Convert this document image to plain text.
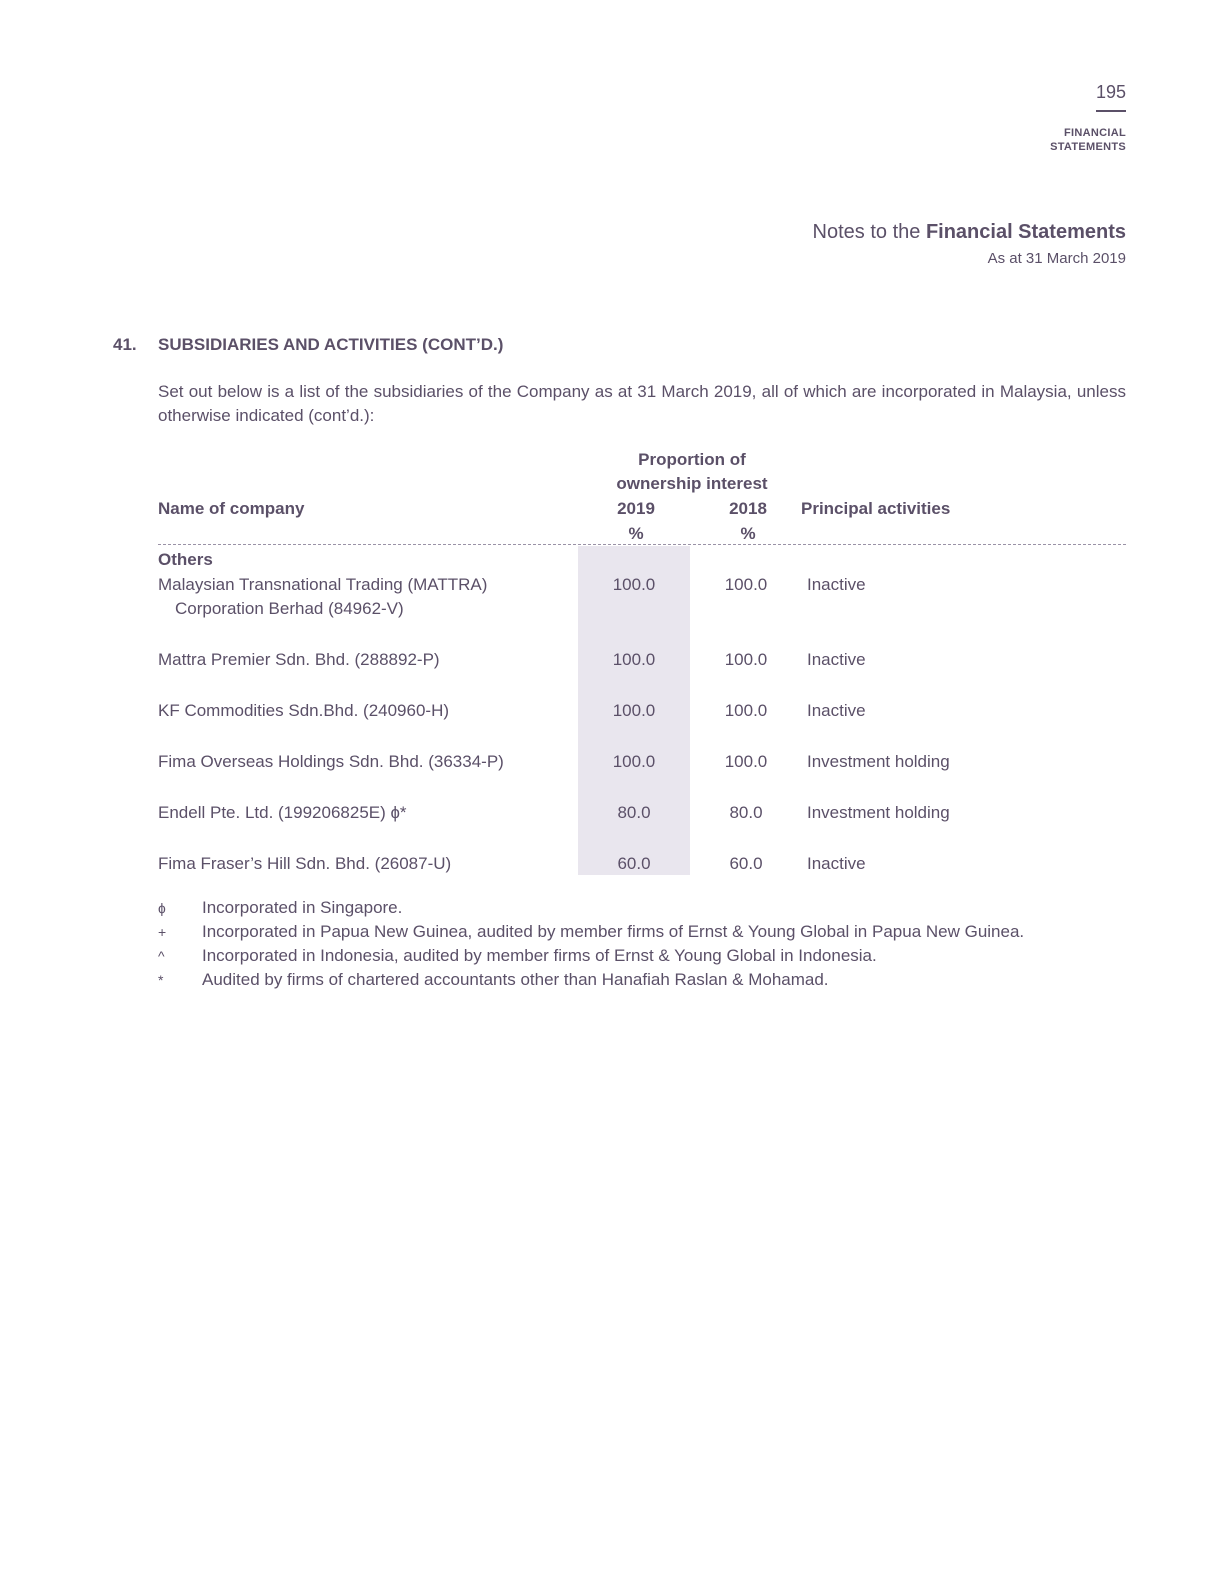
195
FINANCIAL
STATEMENTS
Notes to the Financial Statements
As at 31 March 2019
41. SUBSIDIARIES AND ACTIVITIES (CONT’D.)
Set out below is a list of the subsidiaries of the Company as at 31 March 2019, all of which are incorporated in Malaysia, unless otherwise indicated (cont’d.):
Proportion of
ownership interest
Name of company	2019	2018	Principal activities
%	%
Others
Malaysian Transnational Trading (MATTRA)
Corporation Berhad (84962-V)
100.0	100.0	Inactive
Mattra Premier Sdn. Bhd. (288892-P)	100.0	100.0	Inactive
KF Commodities Sdn.Bhd. (240960-H)	100.0	100.0	Inactive
Fima Overseas Holdings Sdn. Bhd. (36334-P)	100.0	100.0	Investment holding
Endell Pte. Ltd. (199206825E) ɸ*	80.0	80.0	Investment holding
Fima Fraser’s Hill Sdn. Bhd. (26087-U)	60.0	60.0	Inactive
ɸ	Incorporated in Singapore.
+	Incorporated in Papua New Guinea, audited by member firms of Ernst & Young Global in Papua New Guinea.
^	Incorporated in Indonesia, audited by member firms of Ernst & Young Global in Indonesia.
*	Audited by firms of chartered accountants other than Hanafiah Raslan & Mohamad.
